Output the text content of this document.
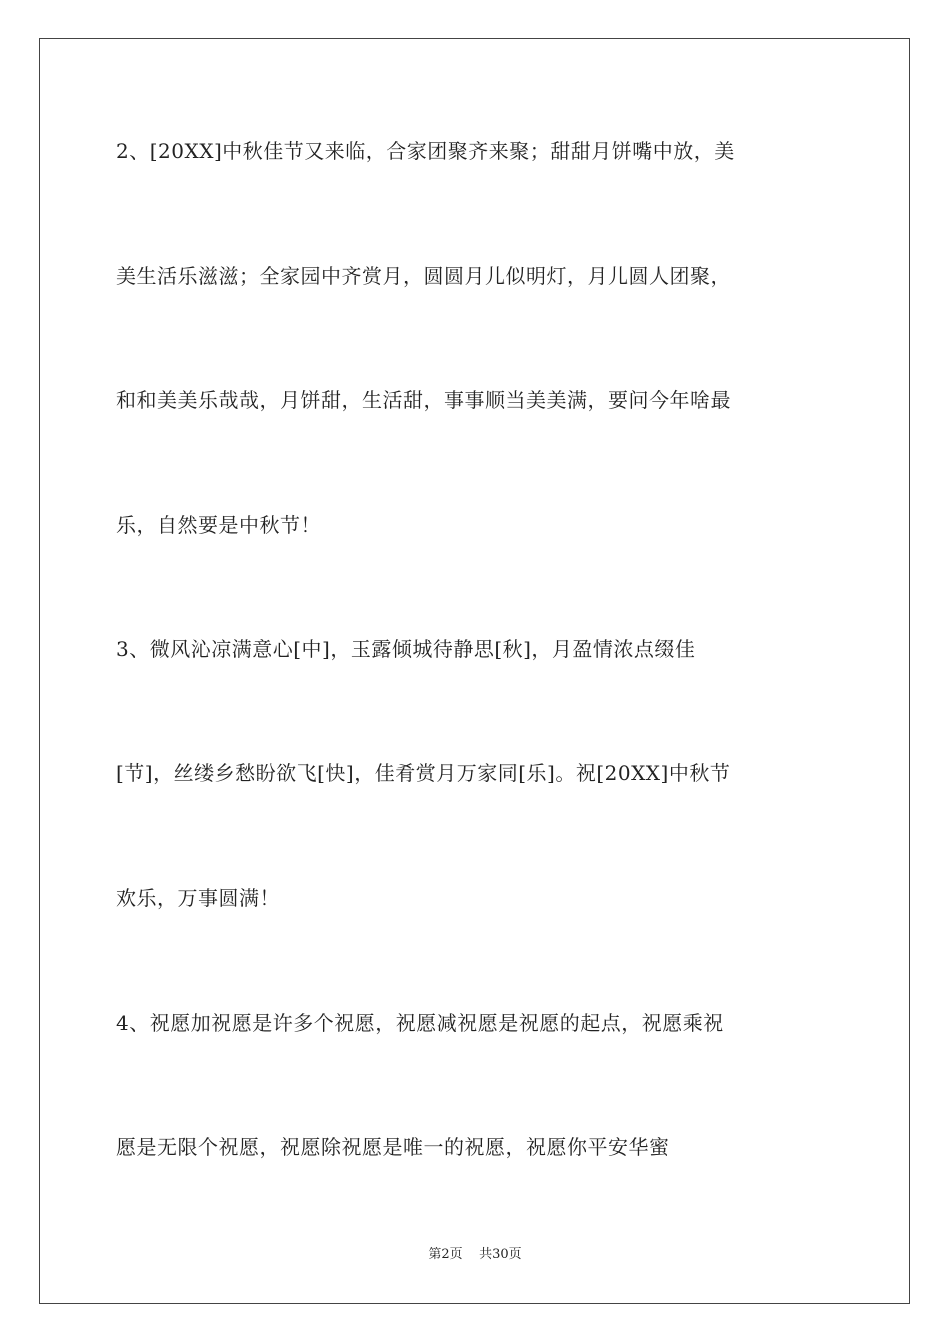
2、[20XX]中秋佳节又来临，合家团聚齐来聚；甜甜月饼嘴中放，美
美生活乐滋滋；全家园中齐赏月，圆圆月儿似明灯，月儿圆人团聚，
和和美美乐哉哉，月饼甜，生活甜，事事顺当美美满，要问今年啥最
乐，自然要是中秋节！
3、微风沁凉满意心[中]，玉露倾城待静思[秋]，月盈情浓点缀佳
[节]，丝缕乡愁盼欲飞[快]，佳肴赏月万家同[乐]。祝[20XX]中秋节
欢乐，万事圆满！
4、祝愿加祝愿是许多个祝愿，祝愿减祝愿是祝愿的起点，祝愿乘祝
愿是无限个祝愿，祝愿除祝愿是唯一的祝愿，祝愿你平安华蜜
第2页 共30页
